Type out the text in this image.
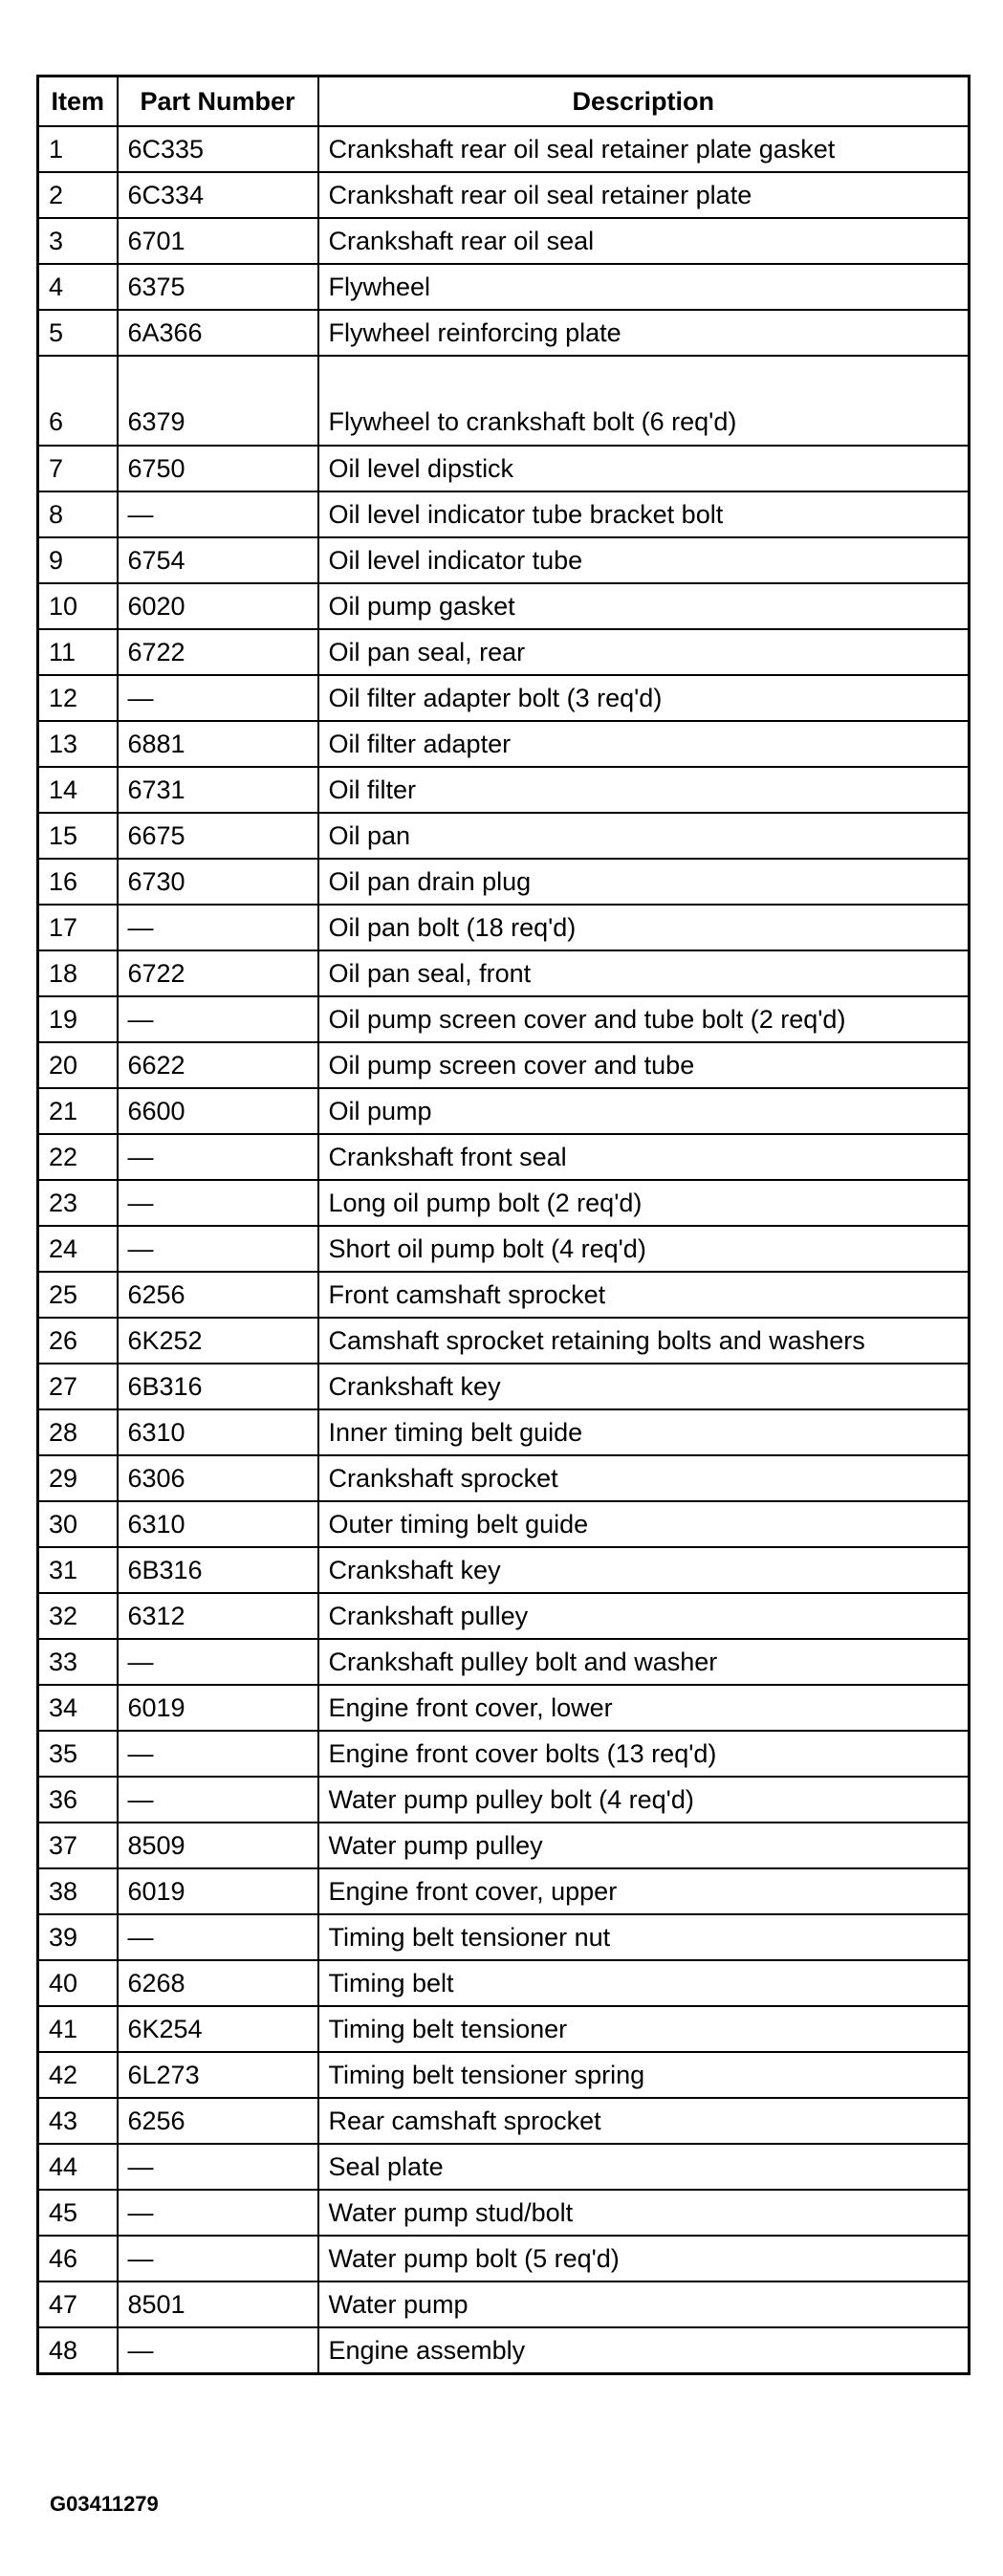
Item	Part Number	Description
1	6C335	Crankshaft rear oil seal retainer plate gasket
2	6C334	Crankshaft rear oil seal retainer plate
3	6701	Crankshaft rear oil seal
4	6375	Flywheel
5	6A366	Flywheel reinforcing plate
6	6379	Flywheel to crankshaft bolt (6 req'd)
7	6750	Oil level dipstick
8	—	Oil level indicator tube bracket bolt
9	6754	Oil level indicator tube
10	6020	Oil pump gasket
11	6722	Oil pan seal, rear
12	—	Oil filter adapter bolt (3 req'd)
13	6881	Oil filter adapter
14	6731	Oil filter
15	6675	Oil pan
16	6730	Oil pan drain plug
17	—	Oil pan bolt (18 req'd)
18	6722	Oil pan seal, front
19	—	Oil pump screen cover and tube bolt (2 req'd)
20	6622	Oil pump screen cover and tube
21	6600	Oil pump
22	—	Crankshaft front seal
23	—	Long oil pump bolt (2 req'd)
24	—	Short oil pump bolt (4 req'd)
25	6256	Front camshaft sprocket
26	6K252	Camshaft sprocket retaining bolts and washers
27	6B316	Crankshaft key
28	6310	Inner timing belt guide
29	6306	Crankshaft sprocket
30	6310	Outer timing belt guide
31	6B316	Crankshaft key
32	6312	Crankshaft pulley
33	—	Crankshaft pulley bolt and washer
34	6019	Engine front cover, lower
35	—	Engine front cover bolts (13 req'd)
36	—	Water pump pulley bolt (4 req'd)
37	8509	Water pump pulley
38	6019	Engine front cover, upper
39	—	Timing belt tensioner nut
40	6268	Timing belt
41	6K254	Timing belt tensioner
42	6L273	Timing belt tensioner spring
43	6256	Rear camshaft sprocket
44	—	Seal plate
45	—	Water pump stud/bolt
46	—	Water pump bolt (5 req'd)
47	8501	Water pump
48	—	Engine assembly
G03411279
